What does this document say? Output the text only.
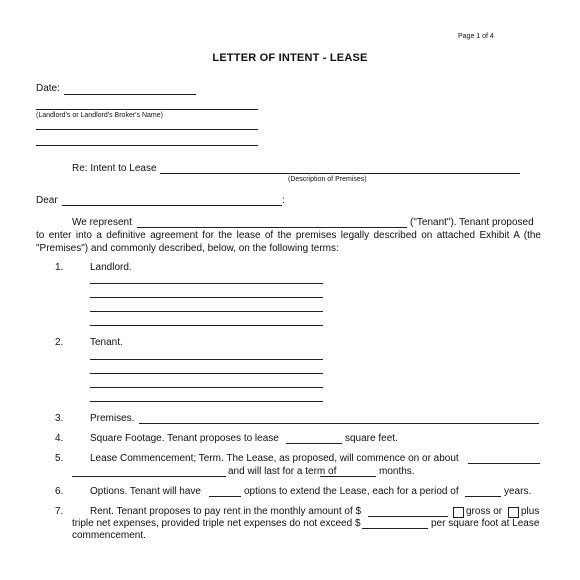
Page 1 of 4
LETTER OF INTENT - LEASE
Date:
(Landlord's or Landlord's Broker's Name)
Re: Intent to Lease
(Description of Premises)
Dear	:
We represent	("Tenant"). Tenant proposed
to enter into a definitive agreement for the lease of the premises legally described on attached Exhibit A (the
"Premises") and commonly described, below, on the following terms:
1.	Landlord.
2.	Tenant.
3.	Premises.
4.	Square Footage. Tenant proposes to lease	square feet.
5.	Lease Commencement; Term. The Lease, as proposed, will commence on or about
and will last for a term of	months.
6.	Options. Tenant will have	options to extend the Lease, each for a period of	years.
7.	Rent. Tenant proposes to pay rent in the monthly amount of $	gross or plus
triple net expenses, provided triple net expenses do not exceed $	per square foot at Lease
commencement.
